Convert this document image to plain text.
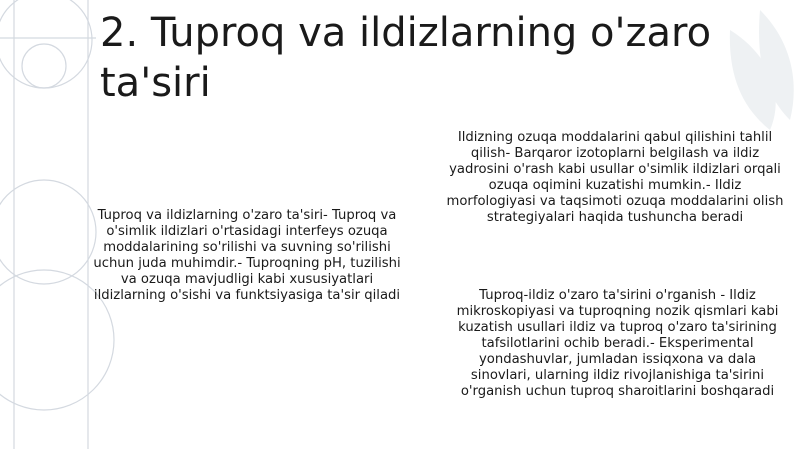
2. Tuproq va ildizlarning o'zaro ta'siri

Tuproq va ildizlarning o'zaro ta'siri- Tuproq va o'simlik ildizlari o'rtasidagi interfeys ozuqa moddalarining so'rilishi va suvning so'rilishi uchun juda muhimdir.- Tuproqning pH, tuzilishi va ozuqa mavjudligi kabi xususiyatlari ildizlarning o'sishi va funktsiyasiga ta'sir qiladi

Ildizning ozuqa moddalarini qabul qilishini tahlil qilish- Barqaror izotoplarni belgilash va ildiz yadrosini o'rash kabi usullar o'simlik ildizlari orqali ozuqa oqimini kuzatishi mumkin.- Ildiz morfologiyasi va taqsimoti ozuqa moddalarini olish strategiyalari haqida tushuncha beradi

Tuproq-ildiz o'zaro ta'sirini o'rganish - Ildiz mikroskopiyasi va tuproqning nozik qismlari kabi kuzatish usullari ildiz va tuproq o'zaro ta'sirining tafsilotlarini ochib beradi.- Eksperimental yondashuvlar, jumladan issiqxona va dala sinovlari, ularning ildiz rivojlanishiga ta'sirini o'rganish uchun tuproq sharoitlarini boshqaradi
